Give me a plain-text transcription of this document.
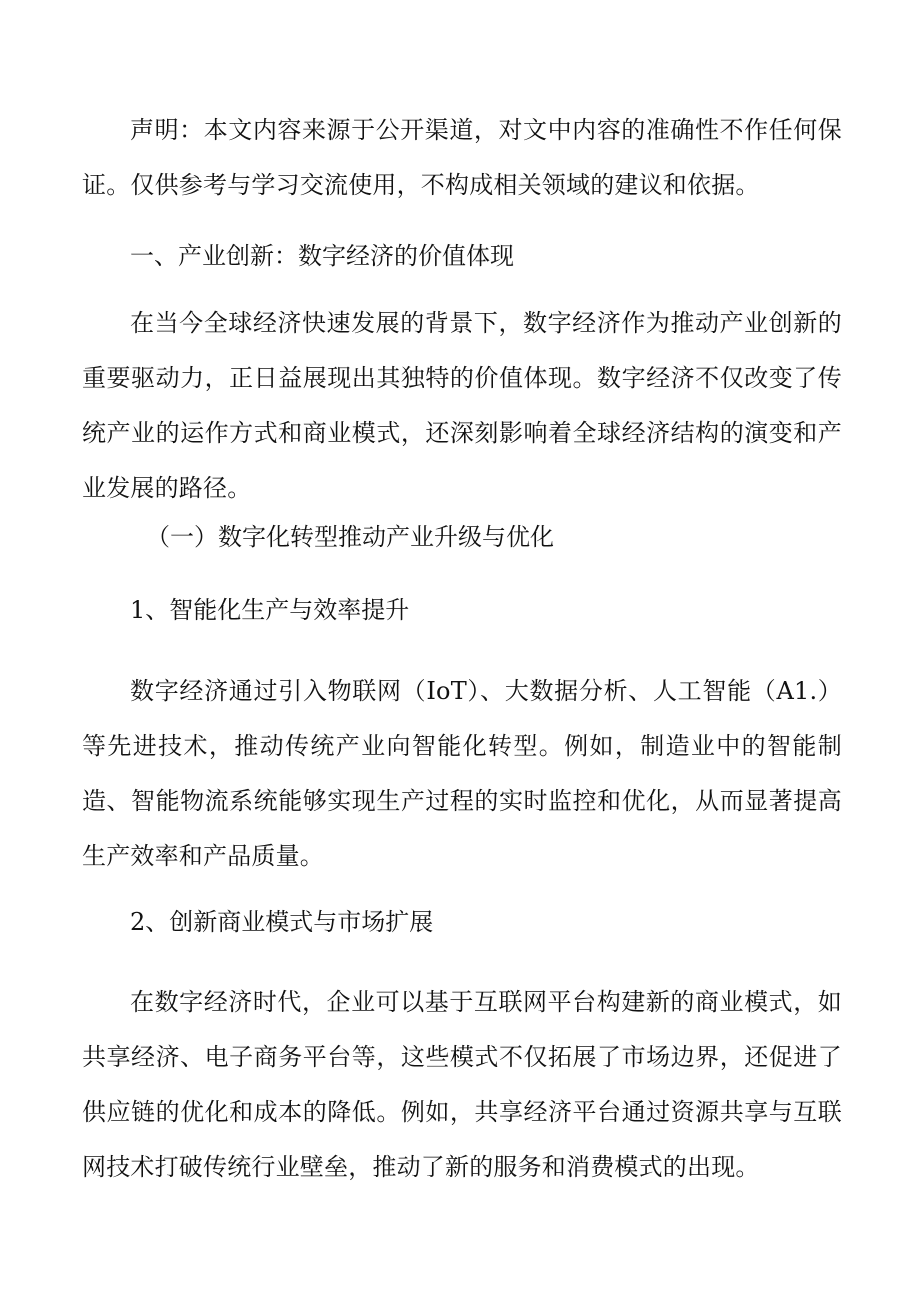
声明：本文内容来源于公开渠道，对文中内容的准确性不作任何保证。仅供参考与学习交流使用，不构成相关领域的建议和依据。

一、产业创新：数字经济的价值体现

在当今全球经济快速发展的背景下，数字经济作为推动产业创新的重要驱动力，正日益展现出其独特的价值体现。数字经济不仅改变了传统产业的运作方式和商业模式，还深刻影响着全球经济结构的演变和产业发展的路径。

（一）数字化转型推动产业升级与优化

1、智能化生产与效率提升

数字经济通过引入物联网（IoT）、大数据分析、人工智能（A1.）等先进技术，推动传统产业向智能化转型。例如，制造业中的智能制造、智能物流系统能够实现生产过程的实时监控和优化，从而显著提高生产效率和产品质量。

2、创新商业模式与市场扩展

在数字经济时代，企业可以基于互联网平台构建新的商业模式，如共享经济、电子商务平台等，这些模式不仅拓展了市场边界，还促进了供应链的优化和成本的降低。例如，共享经济平台通过资源共享与互联网技术打破传统行业壁垒，推动了新的服务和消费模式的出现。
